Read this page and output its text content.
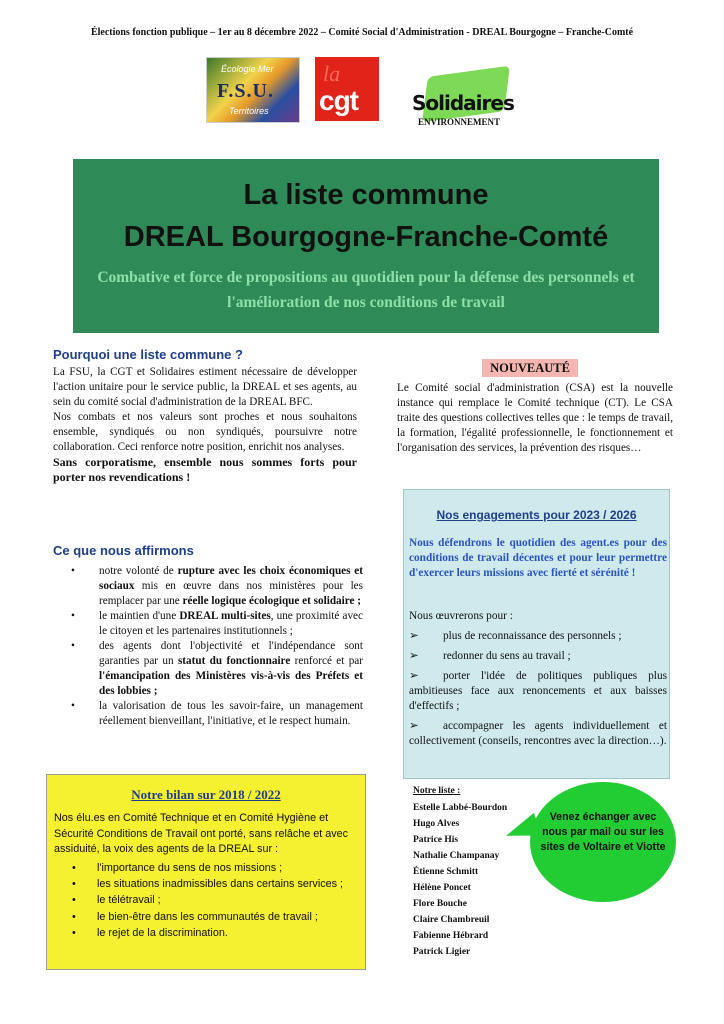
Élections fonction publique – 1er au 8 décembre 2022 – Comité Social d'Administration - DREAL Bourgogne – Franche-Comté
Écologie Mer
F.S.U.
Territoires
la
cgt	Solidaires
ENVIRONNEMENT
La liste commune
DREAL Bourgogne-Franche-Comté
Combative et force de propositions au quotidien pour la défense des personnels et l'amélioration de nos conditions de travail
Pourquoi une liste commune ?

La FSU, la CGT et Solidaires estiment nécessaire de développer l'action unitaire pour le service public, la DREAL et ses agents, au sein du comité social d'administration de la DREAL BFC.

Nos combats et nos valeurs sont proches et nous souhaitons ensemble, syndiqués ou non syndiqués, poursuivre notre collaboration. Ceci renforce notre position, enrichit nos analyses.

Sans corporatisme, ensemble nous sommes forts pour porter nos revendications !

Ce que nous affirmons
• notre volonté de rupture avec les choix économiques et sociaux mis en œuvre dans nos ministères pour les remplacer par une réelle logique écologique et solidaire ;
• le maintien d'une DREAL multi-sites, une proximité avec le citoyen et les partenaires institutionnels ;
• des agents dont l'objectivité et l'indépendance sont garanties par un statut du fonctionnaire renforcé et par l'émancipation des Ministères vis-à-vis des Préfets et des lobbies ;
• la valorisation de tous les savoir-faire, un management réellement bienveillant, l'initiative, et le respect humain.
NOUVEAUTÉ
Le Comité social d'administration (CSA) est la nouvelle instance qui remplace le Comité technique (CT). Le CSA traite des questions collectives telles que : le temps de travail, la formation, l'égalité professionnelle, le fonctionnement et l'organisation des services, la prévention des risques…
Nos engagements pour 2023 / 2026
Nous défendrons le quotidien des agent.es pour des conditions de travail décentes et pour leur permettre d'exercer leurs missions avec fierté et sérénité !
Nous œuvrerons pour :
➢ plus de reconnaissance des personnels ;
➢ redonner du sens au travail ;
➢ porter l'idée de politiques publiques plus ambitieuses face aux renoncements et aux baisses d'effectifs ;
➢ accompagner les agents individuellement et collectivement (conseils, rencontres avec la direction…).
Notre bilan sur 2018 / 2022
Nos élu.es en Comité Technique et en Comité Hygiène et Sécurité Conditions de Travail ont porté, sans relâche et avec assiduité, la voix des agents de la DREAL sur :
• l'importance du sens de nos missions ;
• les situations inadmissibles dans certains services ;
• le télétravail ;
• le bien-être dans les communautés de travail ;
• le rejet de la discrimination.
Notre liste :
Estelle Labbé-Bourdon
Hugo Alves
Patrice His
Nathalie Champanay
Étienne Schmitt
Hélène Poncet
Flore Bouche
Claire Chambreuil
Fabienne Hébrard
Patrick Ligier
Venez échanger avec nous par mail ou sur les sites de Voltaire et Viotte
